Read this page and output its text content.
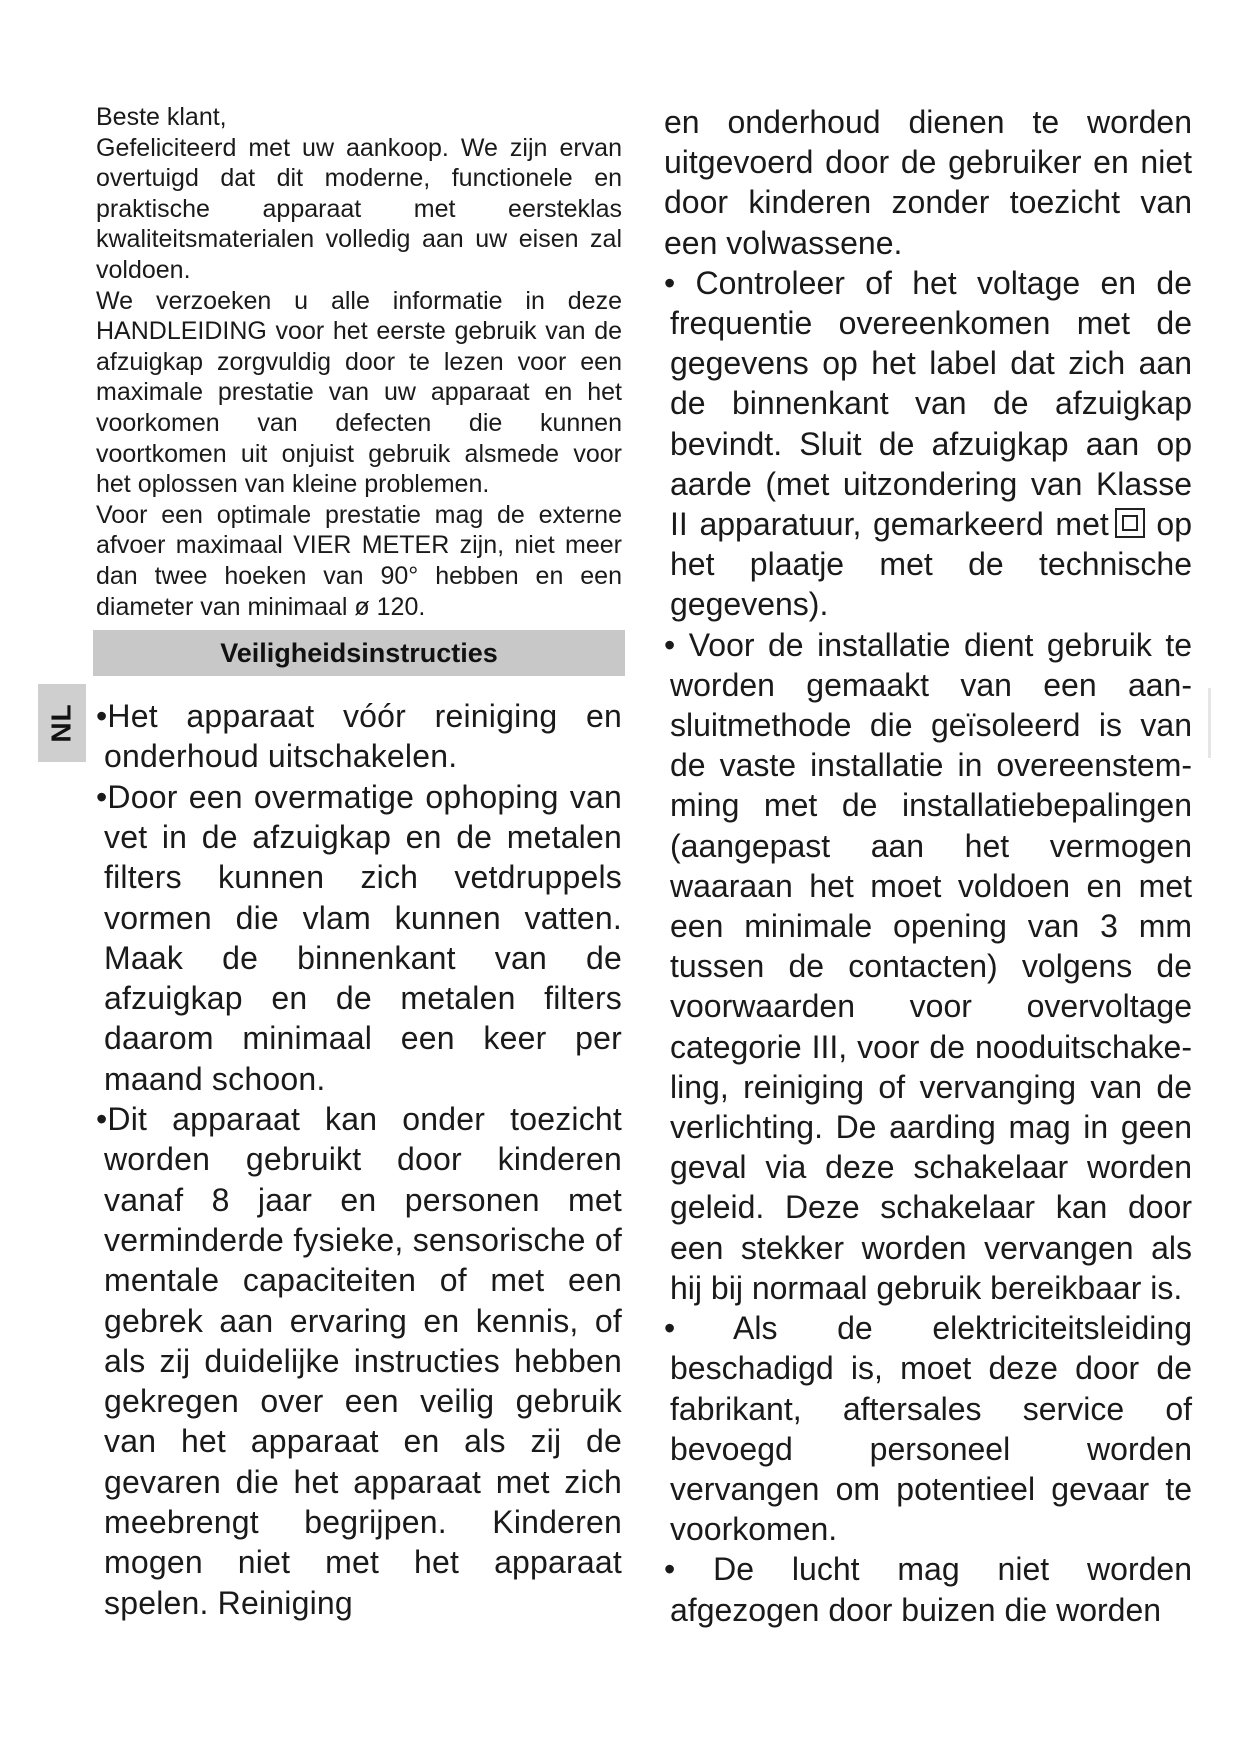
NL

Beste klant,

Gefeliciteerd met uw aankoop. We zijn ervan overtuigd dat dit moderne, functionele en praktische apparaat met eersteklas kwaliteitsmaterialen volledig aan uw eisen zal voldoen.

We verzoeken u alle informatie in deze HANDLEIDING voor het eerste gebruik van de afzuigkap zorgvuldig door te lezen voor een maximale prestatie van uw apparaat en het voorkomen van defecten die kunnen voortkomen uit onjuist gebruik alsmede voor het oplossen van kleine problemen.

Voor een optimale prestatie mag de externe afvoer maximaal VIER METER zijn, niet meer dan twee hoeken van 90° hebben en een diameter van minimaal ø 120.

Veiligheidsinstructies

•Het apparaat vóór reiniging en onderhoud uitschakelen.

•Door een overmatige ophoping van vet in de afzuigkap en de metalen filters kunnen zich vetdruppels vormen die vlam kunnen vatten. Maak de binnenkant van de afzuigkap en de metalen filters daarom minimaal een keer per maand schoon.

•Dit apparaat kan onder toezicht worden gebruikt door kinderen vanaf 8 jaar en personen met verminderde fysieke, sensorische of mentale capaciteiten of met een gebrek aan ervaring en kennis, of als zij duidelijke instructies hebben gekregen over een veilig gebruik van het apparaat en als zij de gevaren die het apparaat met zich meebrengt begrijpen. Kinderen mogen niet met het apparaat spelen. Reiniging

en onderhoud dienen te worden uitgevoerd door de gebruiker en niet door kinderen zonder toezicht van een volwassene.

• Controleer of het voltage en de frequentie overeenkomen met de gegevens op het label dat zich aan de binnenkant van de afzuigkap bevindt. Sluit de afzuigkap aan op aarde (met uitzondering van Klasse II apparatuur, gemarkeerd met op het plaatje met de technische gegevens).

• Voor de installatie dient gebruik te worden gemaakt van een aansluitmethode die geïsoleerd is van de vaste installatie in overeenstemming met de installatiebepalingen (aangepast aan het vermogen waaraan het moet voldoen en met een minimale opening van 3 mm tussen de contacten) volgens de voorwaarden voor overvoltage categorie III, voor de nooduitschakeling, reiniging of vervanging van de verlichting. De aarding mag in geen geval via deze schakelaar worden geleid. Deze schakelaar kan door een stekker worden vervangen als hij bij normaal gebruik bereikbaar is.

• Als de elektriciteitsleiding beschadigd is, moet deze door de fabrikant, aftersales service of bevoegd personeel worden vervangen om potentieel gevaar te voorkomen.

• De lucht mag niet worden afgezogen door buizen die worden
